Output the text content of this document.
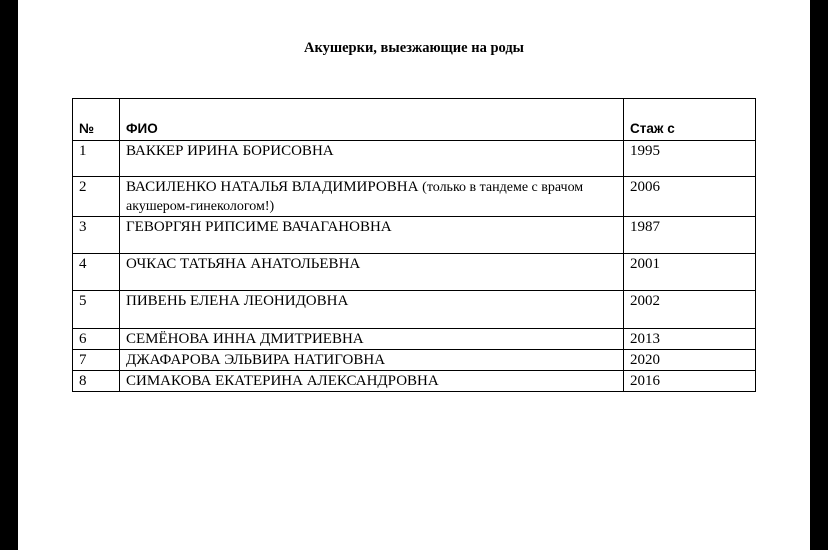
Акушерки, выезжающие на роды
№	ФИО	Стаж с
1	ВАККЕР ИРИНА БОРИСОВНА	1995
2	ВАСИЛЕНКО НАТАЛЬЯ ВЛАДИМИРОВНА (только в тандеме с врачом акушером-гинекологом!)	2006
3	ГЕВОРГЯН РИПСИМЕ ВАЧАГАНОВНА	1987
4	ОЧКАС ТАТЬЯНА АНАТОЛЬЕВНА	2001
5	ПИВЕНЬ ЕЛЕНА ЛЕОНИДОВНА	2002
6	СЕМЁНОВА ИННА ДМИТРИЕВНА	2013
7	ДЖАФАРОВА ЭЛЬВИРА НАТИГОВНА	2020
8	СИМАКОВА ЕКАТЕРИНА АЛЕКСАНДРОВНА	2016
